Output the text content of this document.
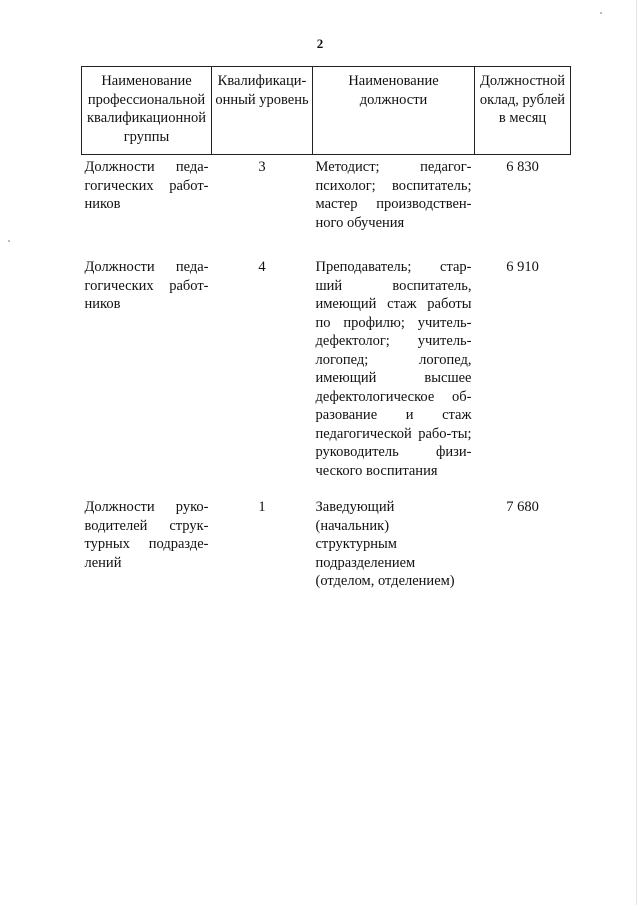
2
Наименование профессиональной квалификационной группы	Квалификаци-онный уровень	Наименование должности	Должностной оклад, рублей в месяц
Должности педа-гогических работ-ников	3	Методист; педагог-психолог; воспитатель; мастер производствен-ного обучения	6 830
Должности педа-гогических работ-ников	4	Преподаватель; стар-ший воспитатель, имеющий стаж работы по профилю; учитель-дефектолог; учитель-логопед; логопед, имеющий высшее дефектологическое об-разование и стаж педагогической рабо-ты; руководитель физи-ческого воспитания	6 910
Должности руко-водителей струк-турных подразде-лений	1	Заведующий (начальник) структурным подразделением (отделом, отделением)	7 680
